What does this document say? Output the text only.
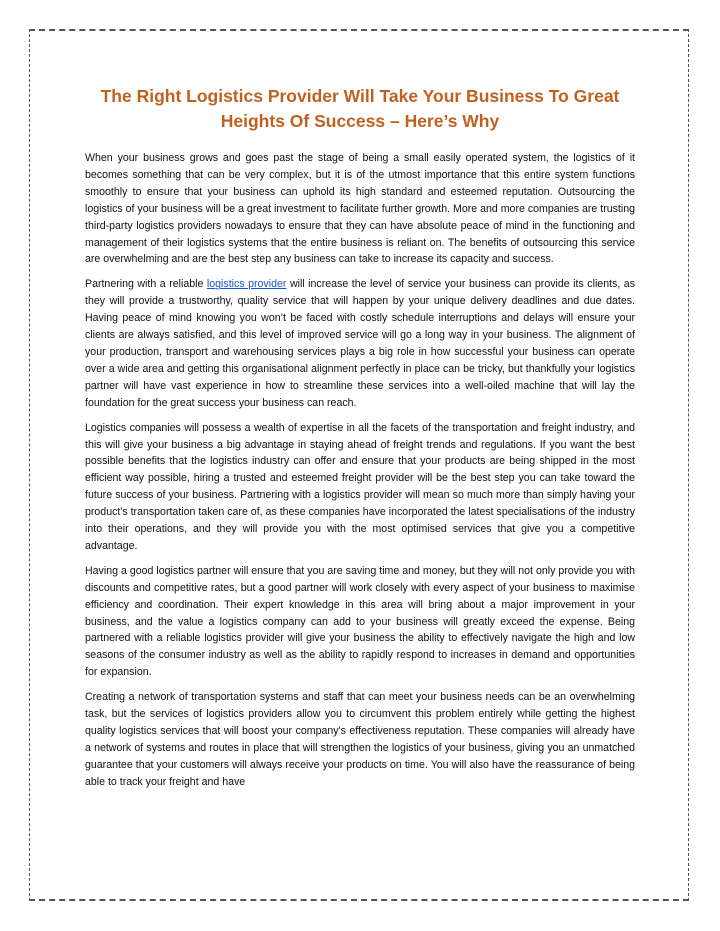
The Right Logistics Provider Will Take Your Business To Great Heights Of Success – Here’s Why

When your business grows and goes past the stage of being a small easily operated system, the logistics of it becomes something that can be very complex, but it is of the utmost importance that this entire system functions smoothly to ensure that your business can uphold its high standard and esteemed reputation. Outsourcing the logistics of your business will be a great investment to facilitate further growth. More and more companies are trusting third-party logistics providers nowadays to ensure that they can have absolute peace of mind in the functioning and management of their logistics systems that the entire business is reliant on. The benefits of outsourcing this service are overwhelming and are the best step any business can take to increase its capacity and success.

Partnering with a reliable logistics provider will increase the level of service your business can provide its clients, as they will provide a trustworthy, quality service that will happen by your unique delivery deadlines and due dates. Having peace of mind knowing you won’t be faced with costly schedule interruptions and delays will ensure your clients are always satisfied, and this level of improved service will go a long way in your business. The alignment of your production, transport and warehousing services plays a big role in how successful your business can operate over a wide area and getting this organisational alignment perfectly in place can be tricky, but thankfully your logistics partner will have vast experience in how to streamline these services into a well-oiled machine that will lay the foundation for the great success your business can reach.

Logistics companies will possess a wealth of expertise in all the facets of the transportation and freight industry, and this will give your business a big advantage in staying ahead of freight trends and regulations. If you want the best possible benefits that the logistics industry can offer and ensure that your products are being shipped in the most efficient way possible, hiring a trusted and esteemed freight provider will be the best step you can take toward the future success of your business. Partnering with a logistics provider will mean so much more than simply having your product's transportation taken care of, as these companies have incorporated the latest specialisations of the industry into their operations, and they will provide you with the most optimised services that give you a competitive advantage.

Having a good logistics partner will ensure that you are saving time and money, but they will not only provide you with discounts and competitive rates, but a good partner will work closely with every aspect of your business to maximise efficiency and coordination. Their expert knowledge in this area will bring about a major improvement in your business, and the value a logistics company can add to your business will greatly exceed the expense. Being partnered with a reliable logistics provider will give your business the ability to effectively navigate the high and low seasons of the consumer industry as well as the ability to rapidly respond to increases in demand and opportunities for expansion.

Creating a network of transportation systems and staff that can meet your business needs can be an overwhelming task, but the services of logistics providers allow you to circumvent this problem entirely while getting the highest quality logistics services that will boost your company's effectiveness reputation. These companies will already have a network of systems and routes in place that will strengthen the logistics of your business, giving you an unmatched guarantee that your customers will always receive your products on time. You will also have the reassurance of being able to track your freight and have
